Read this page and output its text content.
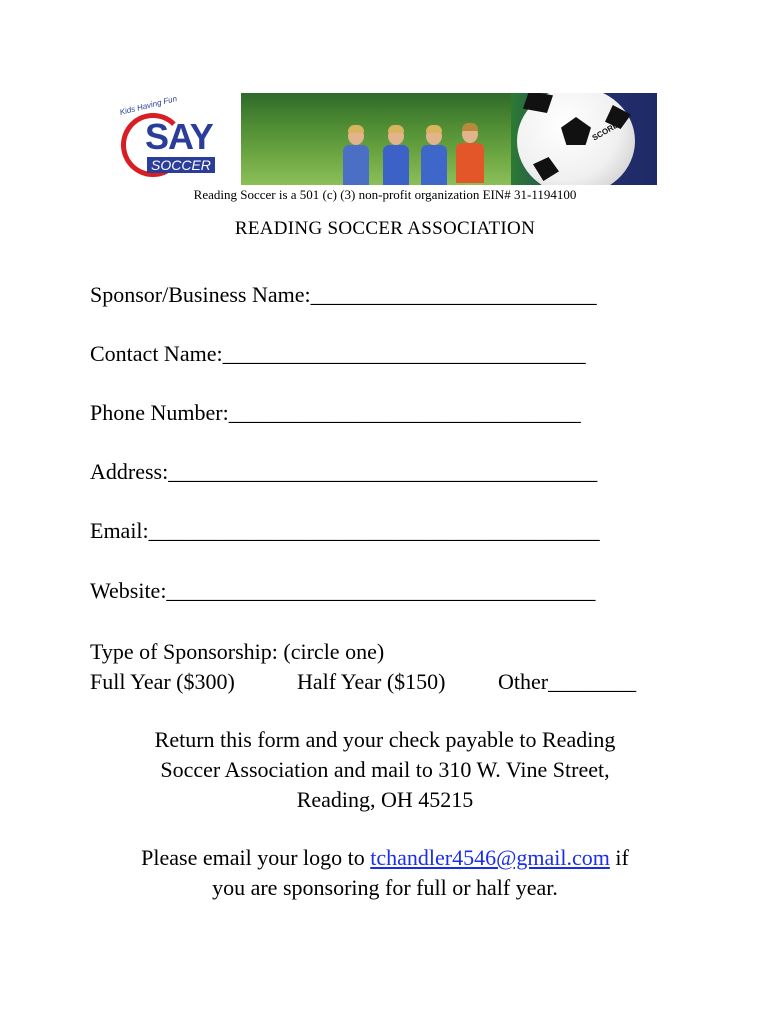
Kids Having Fun
SAY
SOCCER
SCORE

Reading Soccer is a 501 (c) (3) non-profit organization EIN# 31-1194100

READING SOCCER ASSOCIATION

Sponsor/Business Name:__________________________

Contact Name:_________________________________

Phone Number:________________________________

Address:_______________________________________

Email:_________________________________________

Website:_______________________________________

Type of Sponsorship: (circle one)

Full Year ($300)

	Half Year ($150)

Other________

Return this form and your check payable to Reading
Soccer Association and mail to 310 W. Vine Street,
Reading, OH 45215

Please email your logo to tchandler4546@gmail.com if
you are sponsoring for full or half year.
